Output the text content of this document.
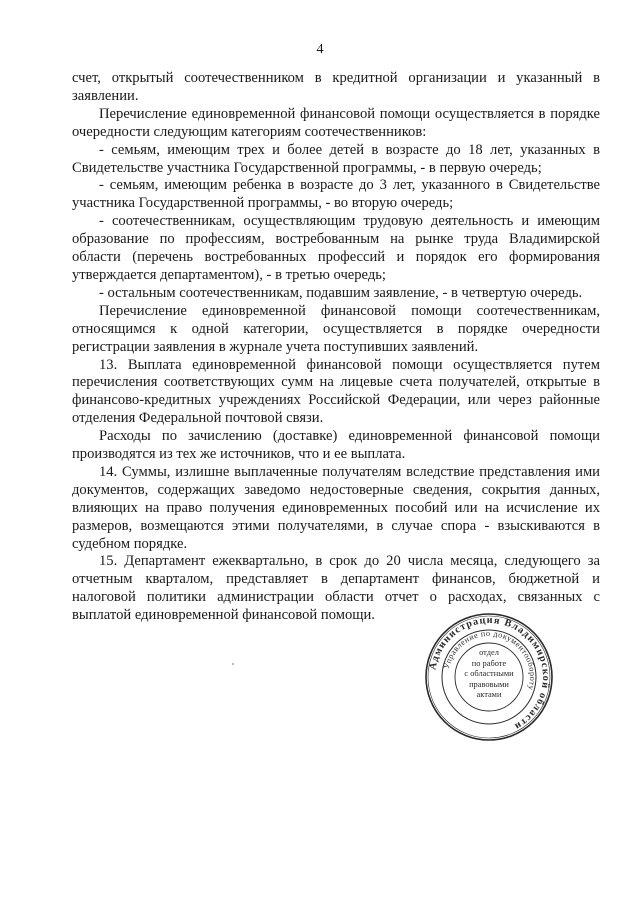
4

счет, открытый соотечественником в кредитной организации и указанный в заявлении.

Перечисление единовременной финансовой помощи осуществляется в порядке очередности следующим категориям соотечественников:

- семьям, имеющим трех и более детей в возрасте до 18 лет, указанных в Свидетельстве участника Государственной программы, - в первую очередь;

- семьям, имеющим ребенка в возрасте до 3 лет, указанного в Свидетельстве участника Государственной программы, - во вторую очередь;

- соотечественникам, осуществляющим трудовую деятельность и имеющим образование по профессиям, востребованным на рынке труда Владимирской области (перечень востребованных профессий и порядок его формирования утверждается департаментом), - в третью очередь;

- остальным соотечественникам, подавшим заявление, - в четвертую очередь.

Перечисление единовременной финансовой помощи соотечественникам, относящимся к одной категории, осуществляется в порядке очередности регистрации заявления в журнале учета поступивших заявлений.

13. Выплата единовременной финансовой помощи осуществляется путем перечисления соответствующих сумм на лицевые счета получателей, открытые в финансово-кредитных учреждениях Российской Федерации, или через районные отделения Федеральной почтовой связи.

Расходы по зачислению (доставке) единовременной финансовой помощи производятся из тех же источников, что и ее выплата.

14. Суммы, излишне выплаченные получателям вследствие представления ими документов, содержащих заведомо недостоверные сведения, сокрытия данных, влияющих на право получения единовременных пособий или на исчисление их размеров, возмещаются этими получателями, в случае спора - взыскиваются в судебном порядке.

15. Департамент ежеквартально, в срок до 20 числа месяца, следующего за отчетным кварталом, представляет в департамент финансов, бюджетной и налоговой политики администрации области отчет о расходах, связанных с выплатой единовременной финансовой помощи.

Администрация Владимирской области
Управление по документообороту
отдел
по работе
с областными
правовыми
актами
